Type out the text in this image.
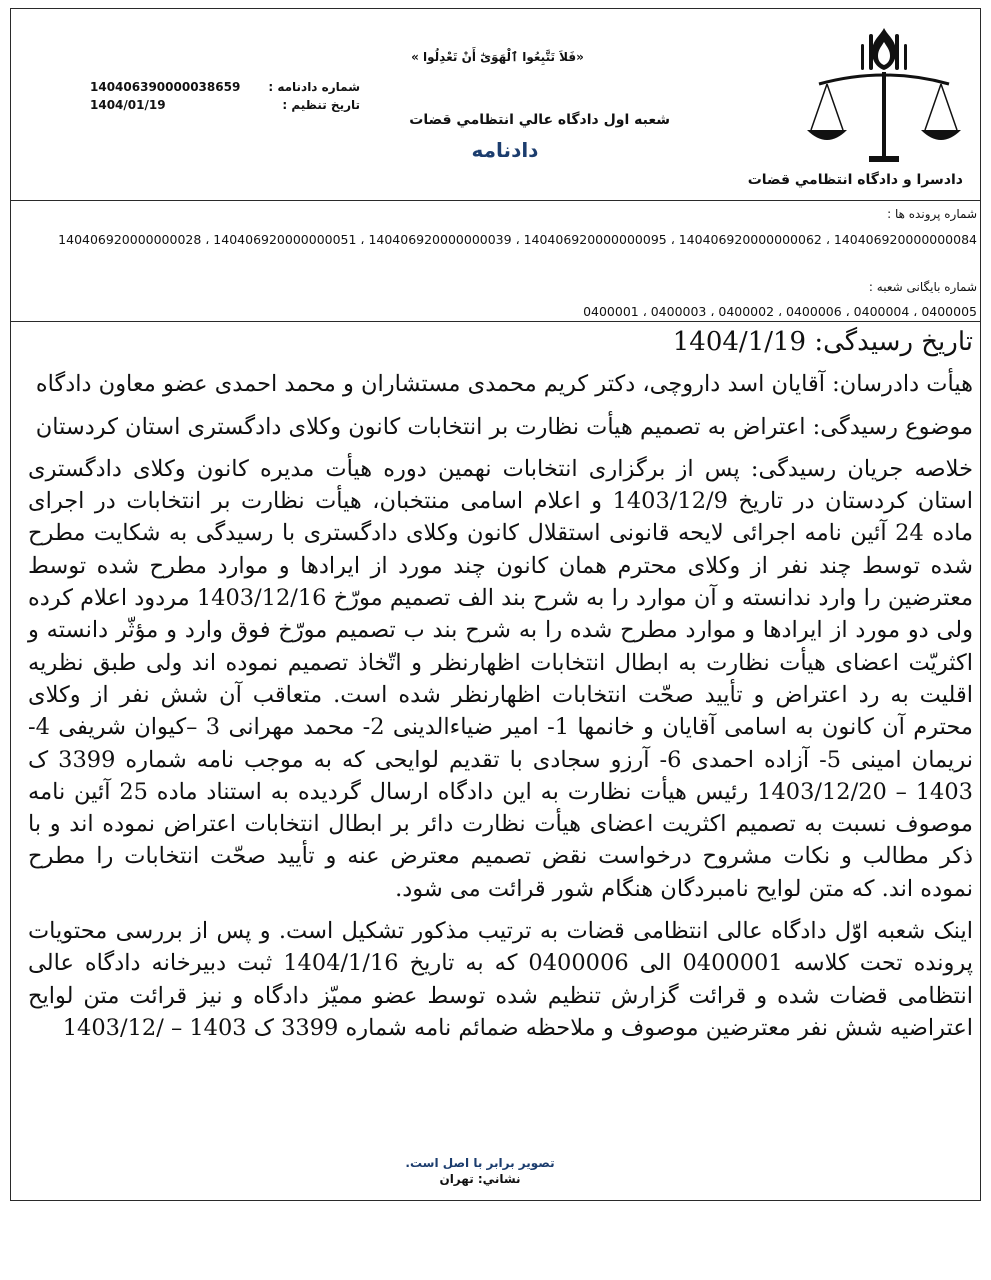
دادسرا و دادگاه انتظامي قضات
«فَلاَ تَتَّبِعُوا ٱلْهَوَىٰٓ أَنْ تَعْدِلُوا »
شعبه اول دادگاه عالي انتظامي قضات
دادنامه
140406390000038659 شماره دادنامه :
1404/01/19	تاريخ تنظيم :
شماره پرونده ها :
140406920000000028 ، 140406920000000051 ، 140406920000000039 ، 140406920000000095 ، 140406920000000062 ، 140406920000000084
شماره بايگانی شعبه :
0400001 ، 0400003 ، 0400002 ، 0400006 ، 0400004 ، 0400005

تاریخ رسیدگی: 1404/1/19

هیأت دادرسان: آقایان اسد داروچی، دکتر کریم محمدی مستشاران و محمد احمدی عضو معاون دادگاه

موضوع رسیدگی: اعتراض به تصمیم هیأت نظارت بر انتخابات کانون وکلای دادگستری استان کردستان

خلاصه جریان رسیدگی: پس از برگزاری انتخابات نهمین دوره هیأت مدیره کانون وکلای دادگستری استان کردستان در تاریخ 1403/12/9 و اعلام اسامی منتخبان، هیأت نظارت بر انتخابات در اجرای ماده 24 آئین نامه اجرائی لایحه قانونی استقلال کانون وکلای دادگستری با رسیدگی به شکایت مطرح شده توسط چند نفر از وکلای محترم همان کانون چند مورد از ایرادها و موارد مطرح شده توسط معترضین را وارد ندانسته و آن موارد را به شرح بند الف تصمیم مورّخ 1403/12/16 مردود اعلام کرده ولی دو مورد از ایرادها و موارد مطرح شده را به شرح بند ب تصمیم مورّخ فوق وارد و مؤثّر دانسته و اکثریّت اعضای هیأت نظارت به ابطال انتخابات اظهارنظر و اتّخاذ تصمیم نموده اند ولی طبق نظریه اقلیت به رد اعتراض و تأیید صحّت انتخابات اظهارنظر شده است. متعاقب آن شش نفر از وکلای محترم آن کانون به اسامی آقایان و خانمها 1- امیر ضیاءالدینی 2- محمد مهرانی 3 –کیوان شریفی 4- نریمان امینی 5- آزاده احمدی 6- آرزو سجادی با تقدیم لوایحی که به موجب نامه شماره 3399 ک 1403 – 1403/12/20 رئیس هیأت نظارت به این دادگاه ارسال گردیده به استناد ماده 25 آئین نامه موصوف نسبت به تصمیم اکثریت اعضای هیأت نظارت دائر بر ابطال انتخابات اعتراض نموده اند و با ذکر مطالب و نکات مشروح درخواست نقض تصمیم معترض عنه و تأیید صحّت انتخابات را مطرح نموده اند. که متن لوایح نامبردگان هنگام شور قرائت می شود.

اینک شعبه اوّل دادگاه عالی انتظامی قضات به ترتیب مذکور تشکیل است. و پس از بررسی محتویات پرونده تحت کلاسه 0400001 الی 0400006 که به تاریخ 1404/1/16 ثبت دبیرخانه دادگاه عالی انتظامی قضات شده و قرائت گزارش تنظیم شده توسط عضو ممیّز دادگاه و نیز قرائت متن لوایح اعتراضیه شش نفر معترضین موصوف و ملاحظه ضمائم نامه شماره 3399 ک 1403 – /1403/12

تصوير برابر با اصل است.
نشاني: تهران
